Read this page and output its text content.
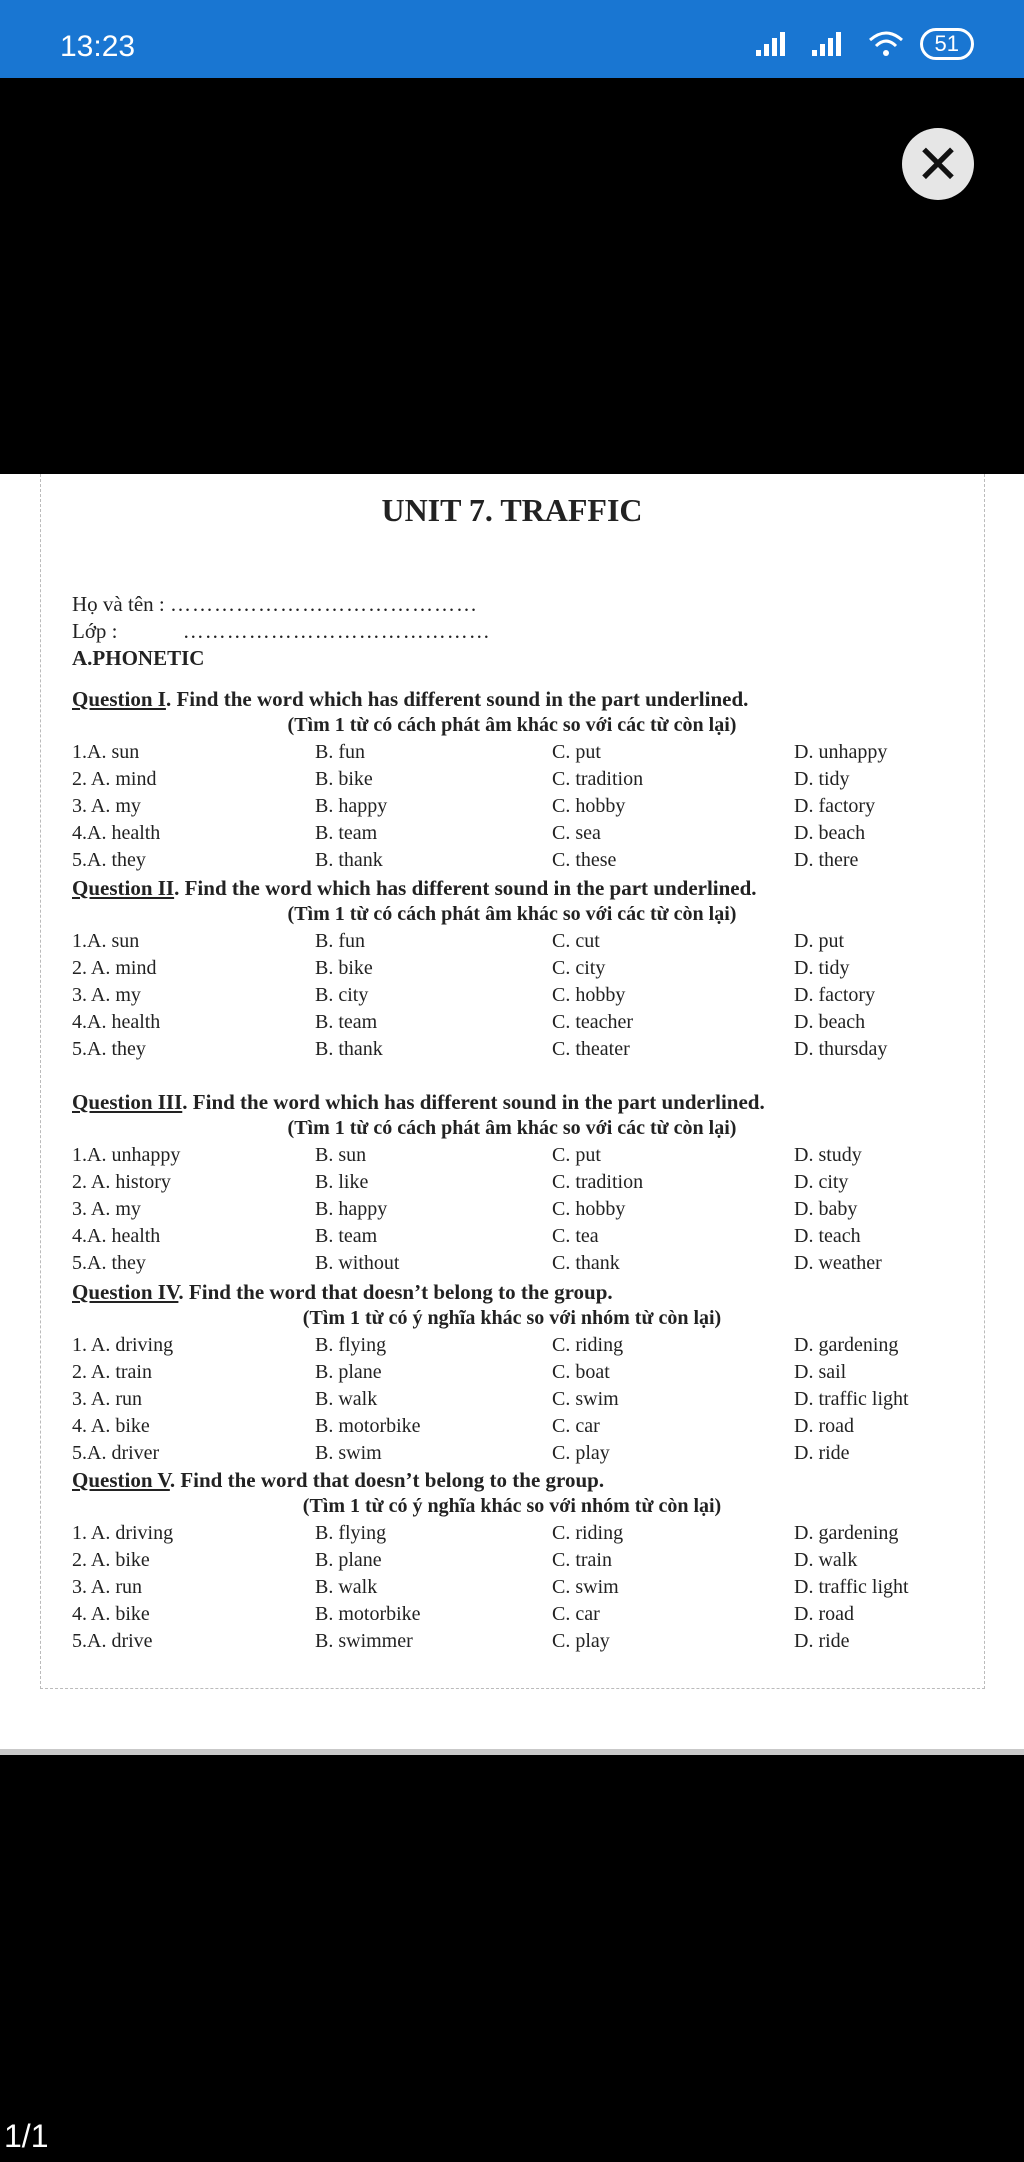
13:23	51
✕
UNIT 7. TRAFFIC
Họ và tên : ……………………………………
Lớp :	……………………………………
A.PHONETIC
Question I. Find the word which has different sound in the part underlined.
(Tìm 1 từ có cách phát âm khác so với các từ còn lại)
1.A. sun	B. fun	C. put	D. unhappy
2. A. mind	B. bike	C. tradition	D. tidy
3. A. my	B. happy	C. hobby	D. factory
4.A. health	B. team	C. sea	D. beach
5.A. they	B. thank	C. these	D. there
Question II. Find the word which has different sound in the part underlined.
(Tìm 1 từ có cách phát âm khác so với các từ còn lại)
1.A. sun	B. fun	C. cut	D. put
2. A. mind	B. bike	C. city	D. tidy
3. A. my	B. city	C. hobby	D. factory
4.A. health	B. team	C. teacher	D. beach
5.A. they	B. thank	C. theater	D. thursday
Question III. Find the word which has different sound in the part underlined.
(Tìm 1 từ có cách phát âm khác so với các từ còn lại)
1.A. unhappy	B. sun	C. put	D. study
2. A. history	B. like	C. tradition	D. city
3. A. my	B. happy	C. hobby	D. baby
4.A. health	B. team	C. tea	D. teach
5.A. they	B. without	C. thank	D. weather
Question IV. Find the word that doesn’t belong to the group.
(Tìm 1 từ có ý nghĩa khác so với nhóm từ còn lại)
1. A. driving	B. flying	C. riding	D. gardening
2. A. train	B. plane	C. boat	D. sail
3. A. run	B. walk	C. swim	D. traffic light
4. A. bike	B. motorbike	C. car	D. road
5.A. driver	B. swim	C. play	D. ride
Question V. Find the word that doesn’t belong to the group.
(Tìm 1 từ có ý nghĩa khác so với nhóm từ còn lại)
1. A. driving	B. flying	C. riding	D. gardening
2. A. bike	B. plane	C. train	D. walk
3. A. run	B. walk	C. swim	D. traffic light
4. A. bike	B. motorbike	C. car	D. road
5.A. drive	B. swimmer	C. play	D. ride
1/1
